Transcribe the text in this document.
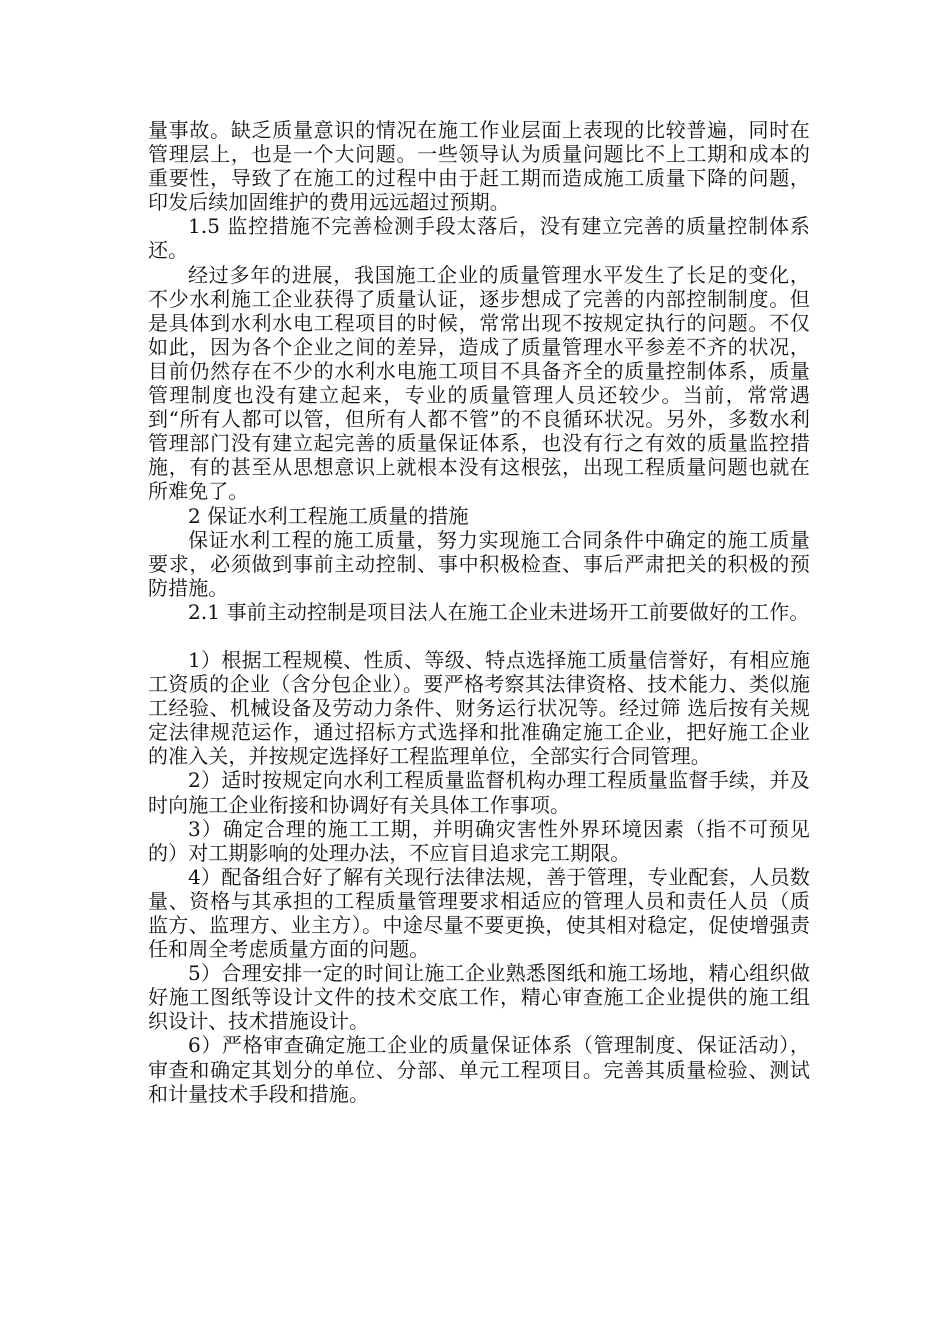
量事故。缺乏质量意识的情况在施工作业层面上表现的比较普遍，同时在管理层上，也是一个大问题。一些领导认为质量问题比不上工期和成本的重要性，导致了在施工的过程中由于赶工期而造成施工质量下降的问题，印发后续加固维护的费用远远超过预期。

1.5 监控措施不完善检测手段太落后，没有建立完善的质量控制体系还。

经过多年的进展，我国施工企业的质量管理水平发生了长足的变化，不少水利施工企业获得了质量认证，逐步想成了完善的内部控制制度。但是具体到水利水电工程项目的时候，常常出现不按规定执行的问题。不仅如此，因为各个企业之间的差异，造成了质量管理水平参差不齐的状况，目前仍然存在不少的水利水电施工项目不具备齐全的质量控制体系，质量管理制度也没有建立起来，专业的质量管理人员还较少。当前，常常遇到“所有人都可以管，但所有人都不管”的不良循环状况。另外，多数水利管理部门没有建立起完善的质量保证体系，也没有行之有效的质量监控措施，有的甚至从思想意识上就根本没有这根弦，出现工程质量问题也就在所难免了。

2 保证水利工程施工质量的措施

保证水利工程的施工质量，努力实现施工合同条件中确定的施工质量要求，必须做到事前主动控制、事中积极检查、事后严肃把关的积极的预防措施。

2.1 事前主动控制是项目法人在施工企业未进场开工前要做好的工作。

1）根据工程规模、性质、等级、特点选择施工质量信誉好，有相应施工资质的企业（含分包企业）。要严格考察其法律资格、技术能力、类似施工经验、机械设备及劳动力条件、财务运行状况等。经过筛 选后按有关规定法律规范运作，通过招标方式选择和批准确定施工企业，把好施工企业的准入关，并按规定选择好工程监理单位，全部实行合同管理。

2）适时按规定向水利工程质量监督机构办理工程质量监督手续，并及时向施工企业衔接和协调好有关具体工作事项。

3）确定合理的施工工期，并明确灾害性外界环境因素（指不可预见的）对工期影响的处理办法，不应盲目追求完工期限。

4）配备组合好了解有关现行法律法规，善于管理，专业配套，人员数量、资格与其承担的工程质量管理要求相适应的管理人员和责任人员（质监方、监理方、业主方）。中途尽量不要更换，使其相对稳定，促使增强责任和周全考虑质量方面的问题。

5）合理安排一定的时间让施工企业熟悉图纸和施工场地，精心组织做好施工图纸等设计文件的技术交底工作，精心审查施工企业提供的施工组织设计、技术措施设计。

6）严格审查确定施工企业的质量保证体系（管理制度、保证活动），审查和确定其划分的单位、分部、单元工程项目。完善其质量检验、测试和计量技术手段和措施。
